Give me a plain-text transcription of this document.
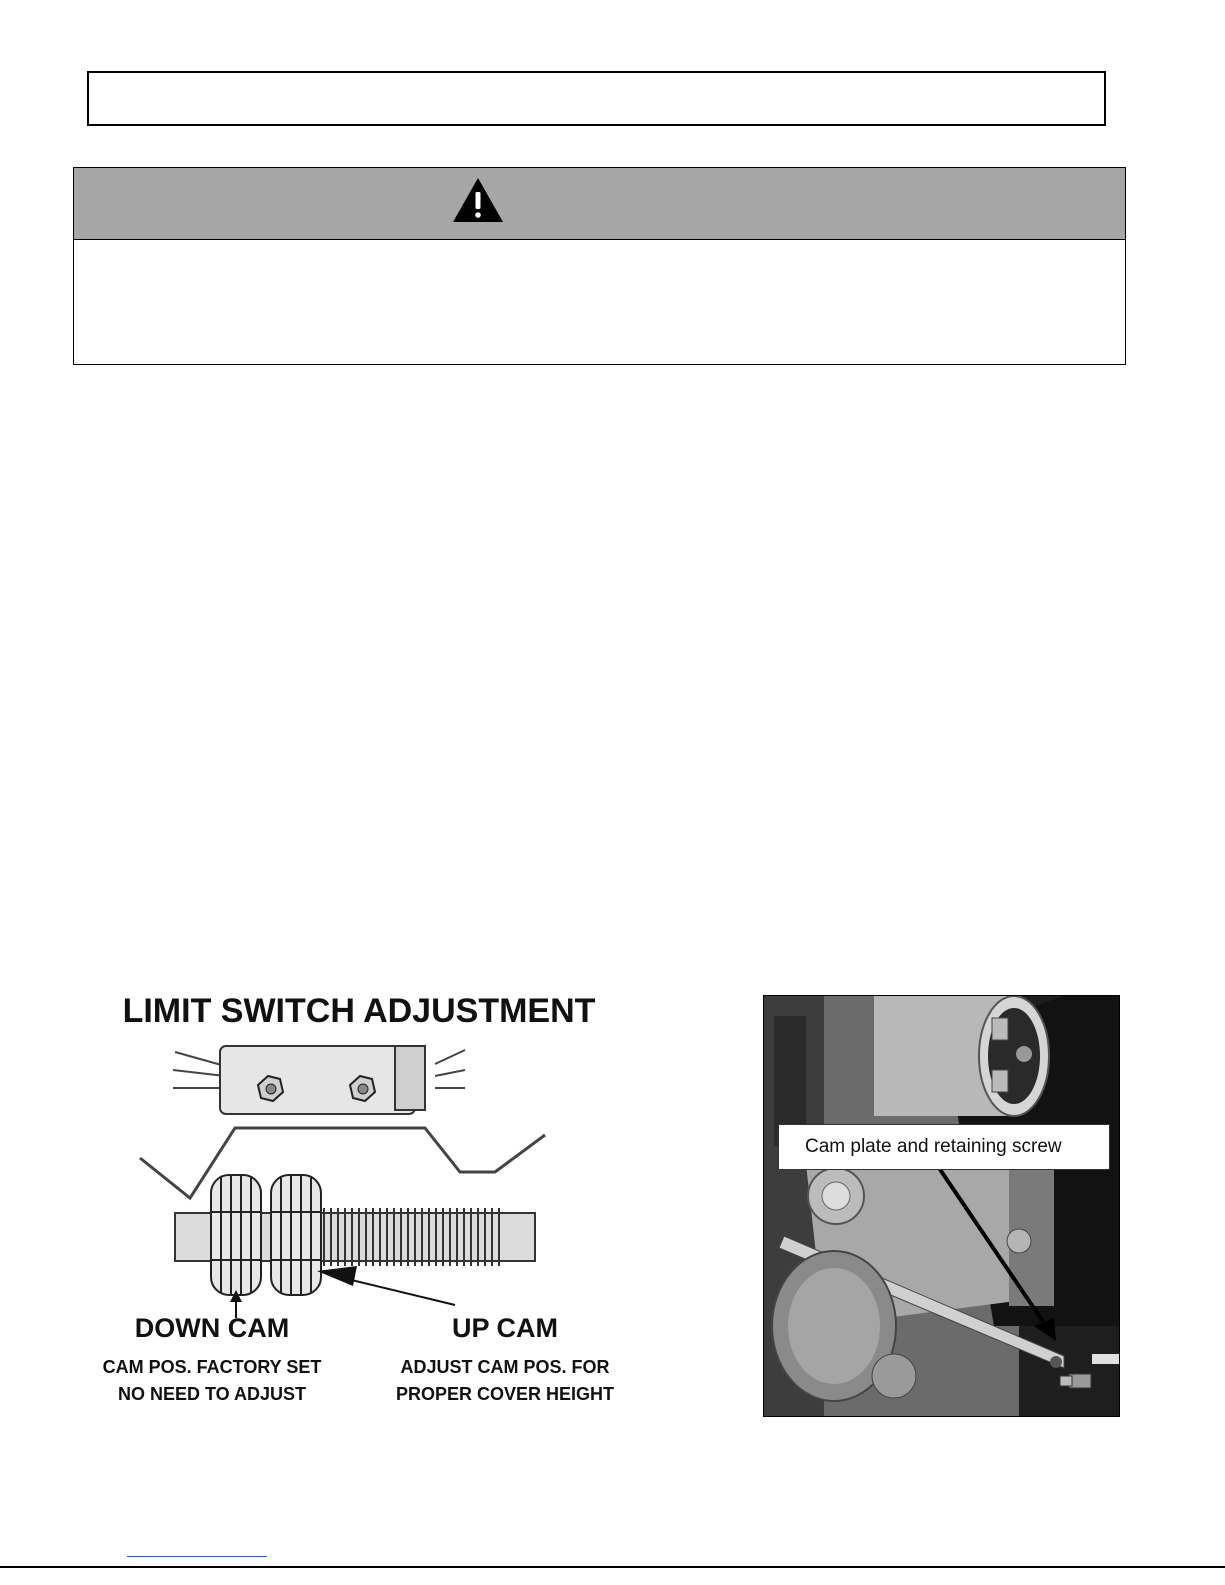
LIMIT SWITCH ADJUSTMENT
DOWN CAM
CAM POS. FACTORY SET
NO NEED TO ADJUST
UP CAM
ADJUST CAM POS. FOR
PROPER COVER HEIGHT
Cam plate and retaining screw
